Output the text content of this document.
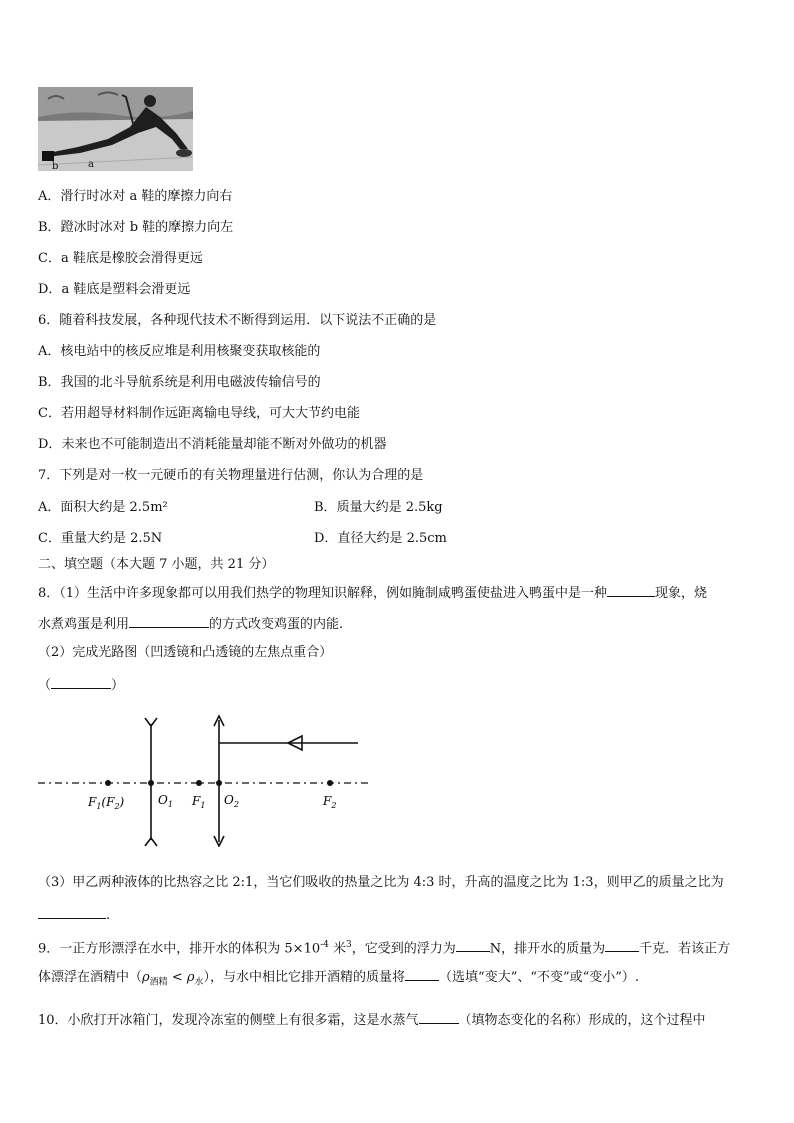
b	a
A．滑行时冰对 a 鞋的摩擦力向右
B．蹬冰时冰对 b 鞋的摩擦力向左
C．a 鞋底是橡胶会滑得更远
D．a 鞋底是塑料会滑更远
6．随着科技发展，各种现代技术不断得到运用．以下说法不正确的是
A．核电站中的核反应堆是利用核聚变获取核能的
B．我国的北斗导航系统是利用电磁波传输信号的
C．若用超导材料制作远距离输电导线，可大大节约电能
D．未来也不可能制造出不消耗能量却能不断对外做功的机器
7．下列是对一枚一元硬币的有关物理量进行估测，你认为合理的是
A．面积大约是 2.5m²	B．质量大约是 2.5kg
C．重量大约是 2.5N	D．直径大约是 2.5cm
二、填空题（本大题 7 小题，共 21 分）
8．（1）生活中许多现象都可以用我们热学的物理知识解释，例如腌制咸鸭蛋使盐进入鸭蛋中是一种	现象，烧
水煮鸡蛋是利用	的方式改变鸡蛋的内能.
（2）完成光路图（凹透镜和凸透镜的左焦点重合）
（	）
$F_1(F_2)$	$O_1$ $F_1$ $O_2$	$F_2$
（3）甲乙两种液体的比热容之比 2:1，当它们吸收的热量之比为 4:3 时，升高的温度之比为 1:3，则甲乙的质量之比为
.
9．一正方形漂浮在水中，排开水的体积为 $5\times 10^{-4}$ 米$^3$，它受到的浮力为	N，排开水的质量为	千克．若该正方
体漂浮在酒精中$(\rho_{酒精} < \rho_水)$，与水中相比它排开酒精的质量将	（选填“变大”、“不变”或“变小”）.
10．小欣打开冰箱门，发现冷冻室的侧壁上有很多霜，这是水蒸气	（填物态变化的名称）形成的，这个过程中
